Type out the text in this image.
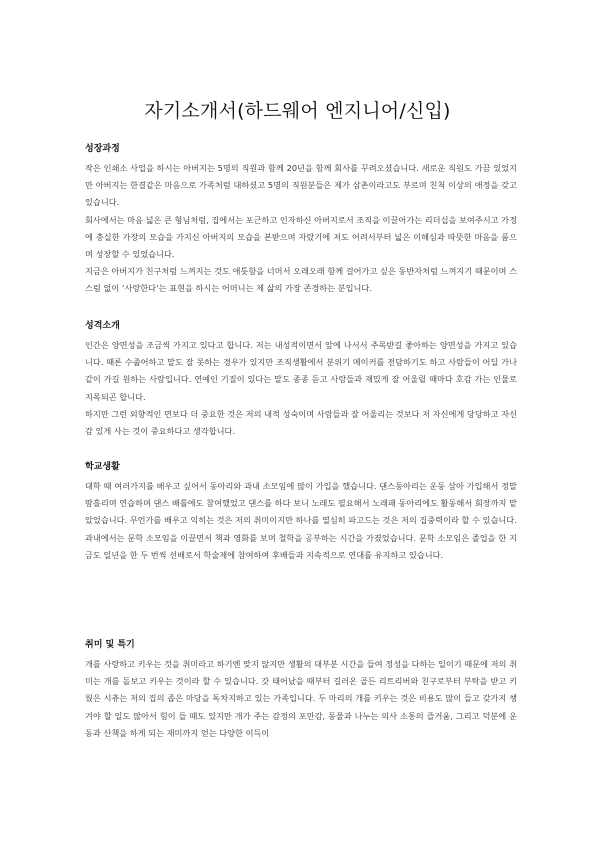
자기소개서(하드웨어 엔지니어/신입)
성장과정

작은 인쇄소 사업을 하시는 아버지는 5명의 직원과 함께 20년을 함께 회사를 꾸려오셨습니다. 새로운 직원도 가끔 있었지만 아버지는 한결같은 마음으로 가족처럼 대하셨고 5명의 직원분들은 제가 삼촌이라고도 부르며 친척 이상의 애정을 갖고 있습니다.

회사에서는 마음 넓은 큰 형님처럼, 집에서는 포근하고 인자하신 아버지로서 조직을 이끌어가는 리더십을 보여주시고 가정에 충실한 가장의 모습을 가지신 아버지의 모습을 본받으며 자랐기에 저도 어려서부터 넓은 이해심과 따뜻한 마음을 품으며 성장할 수 있었습니다.

지금은 아버지가 친구처럼 느껴지는 것도 애틋함을 너머서 오래오래 함께 걸어가고 싶은 동반자처럼 느껴지기 때문이며 스스럼 없이 ‘사랑한다’는 표현을 하시는 어머니는 제 삶의 가장 존경하는 분입니다.

성격소개

인간은 양면성을 조금씩 가지고 있다고 합니다. 저는 내성적이면서 앞에 나서서 주목받길 좋아하는 양면성을 가지고 있습니다. 때론 수줍어하고 말도 잘 못하는 경우가 있지만 조직생활에서 분위기 메이커를 전담하기도 하고 사람들이 어딜 가나 같이 가길 원하는 사람입니다. 연예인 기질이 있다는 말도 종종 듣고 사람들과 재밌게 잘 어울릴 때마다 호감 가는 인물로 지목되곤 합니다.

하지만 그런 외향적인 면보다 더 중요한 것은 저의 내적 성숙이며 사람들과 잘 어울리는 것보다 저 자신에게 당당하고 자신감 있게 사는 것이 중요하다고 생각합니다.

학교생활

대학 때 여러가지를 배우고 싶어서 동아리와 과내 소모임에 많이 가입을 했습니다. 댄스동아리는 운동 삼아 가입해서 정말 땀흘리며 연습하며 댄스 배틀에도 참여했었고 댄스를 하다 보니 노래도 필요해서 노래패 동아리에도 활동해서 회장까지 맡았었습니다. 무언가를 배우고 익히는 것은 저의 취미이지만 하나를 열심히 파고드는 것은 저의 집중력이라 할 수 있습니다.

과내에서는 문학 소모임을 이끌면서 책과 영화를 보며 철학을 공부하는 시간을 가졌었습니다. 문학 소모임은 졸업을 한 지금도 일년을 한 두 번씩 선배로서 학술제에 참여하여 후배들과 지속적으로 연대를 유지하고 있습니다.

취미 및 특기

개를 사랑하고 키우는 것을 취미라고 하기엔 맞지 않지만 생활의 대부분 시간을 들여 정성을 다하는 일이기 때문에 저의 취미는 개를 돌보고 키우는 것이라 할 수 있습니다. 갓 태어났을 때부터 길러온 골든 리트리버와 친구로부터 부탁을 받고 키웠은 시츄는 저의 집의 좁은 마당을 독차지하고 있는 가족입니다. 두 마리의 개를 키우는 것은 비용도 많이 들고 갖가지 챙겨야 할 일도 많아서 힘이 들 때도 있지만 개가 주는 감정의 포만감, 동물과 나누는 의사 소통의 즐거움, 그리고 덕분에 운동과 산책을 하게 되는 재미까지 얻는 다양한 이득이
